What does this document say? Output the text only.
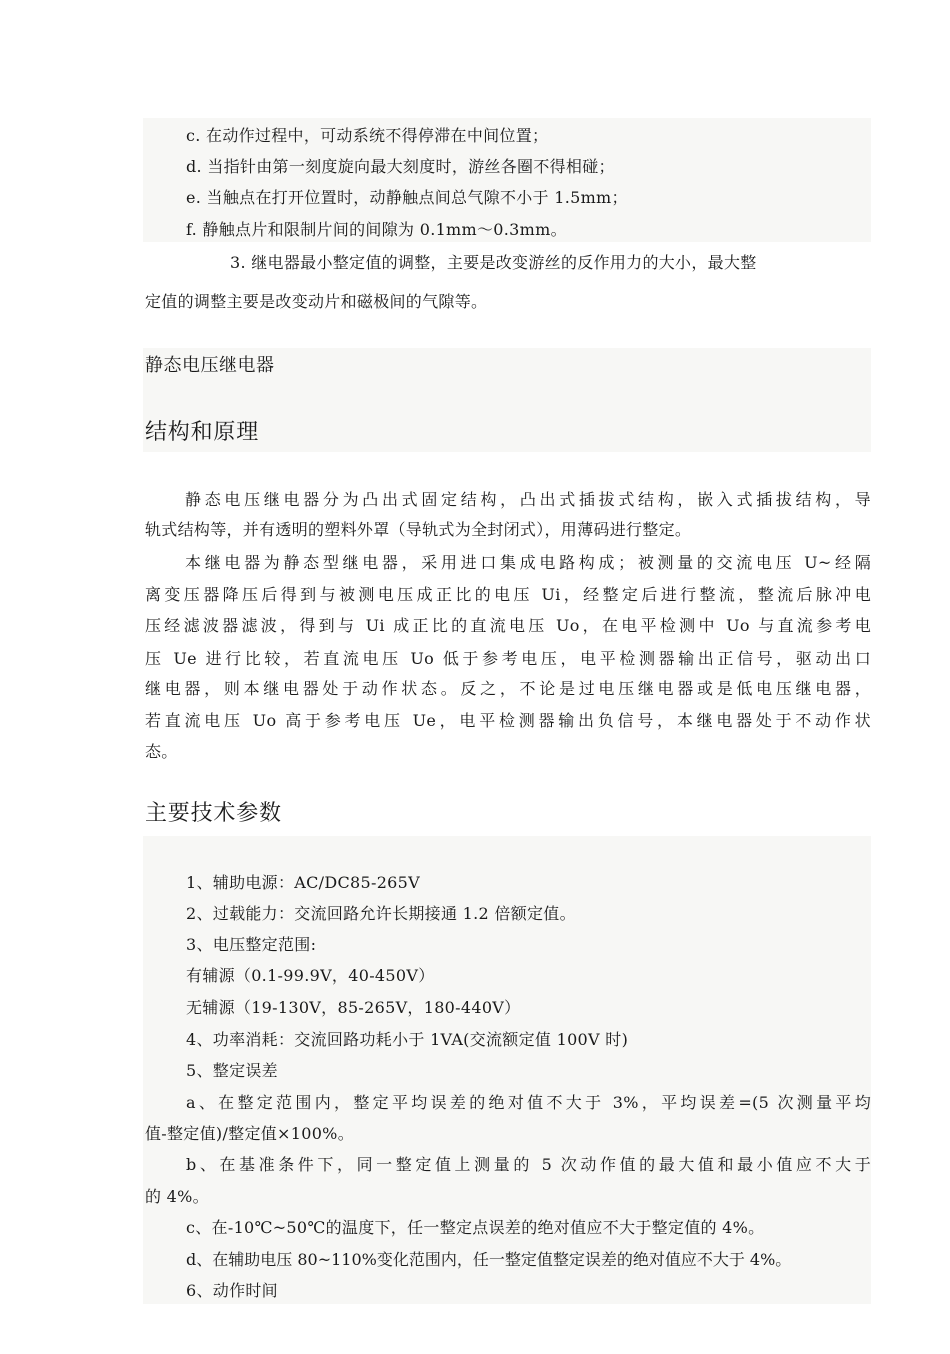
c. 在动作过程中，可动系统不得停滞在中间位置；
d. 当指针由第一刻度旋向最大刻度时，游丝各圈不得相碰；
e. 当触点在打开位置时，动静触点间总气隙不小于 1.5mm；
f. 静触点片和限制片间的间隙为 0.1mm～0.3mm。
3. 继电器最小整定值的调整，主要是改变游丝的反作用力的大小，最大整
定值的调整主要是改变动片和磁极间的气隙等。
静态电压继电器
结构和原理
静态电压继电器分为凸出式固定结构，凸出式插拔式结构，嵌入式插拔结构，导
轨式结构等，并有透明的塑料外罩（导轨式为全封闭式），用薄码进行整定。
本继电器为静态型继电器，采用进口集成电路构成；被测量的交流电压 U~经隔
离变压器降压后得到与被测电压成正比的电压 Ui，经整定后进行整流，整流后脉冲电
压经滤波器滤波，得到与 Ui 成正比的直流电压 Uo，在电平检测中 Uo 与直流参考电
压 Ue 进行比较，若直流电压 Uo 低于参考电压，电平检测器输出正信号，驱动出口
继电器，则本继电器处于动作状态。反之，不论是过电压继电器或是低电压继电器，
若直流电压 Uo 高于参考电压 Ue，电平检测器输出负信号，本继电器处于不动作状
态。
主要技术参数
1、辅助电源：AC/DC85-265V
2、过载能力：交流回路允许长期接通 1.2 倍额定值。
3、电压整定范围:
有辅源（0.1-99.9V，40-450V）
无辅源（19-130V，85-265V，180-440V）
4、功率消耗：交流回路功耗小于 1VA(交流额定值 100V 时)
5、整定误差
a、在整定范围内，整定平均误差的绝对值不大于 3%，平均误差=(5 次测量平均
值-整定值)/整定值×100%。
b、在基准条件下，同一整定值上测量的 5 次动作值的最大值和最小值应不大于
的 4%。
c、在-10℃~50℃的温度下，任一整定点误差的绝对值应不大于整定值的 4%。
d、在辅助电压 80~110%变化范围内，任一整定值整定误差的绝对值应不大于 4%。
6、动作时间
